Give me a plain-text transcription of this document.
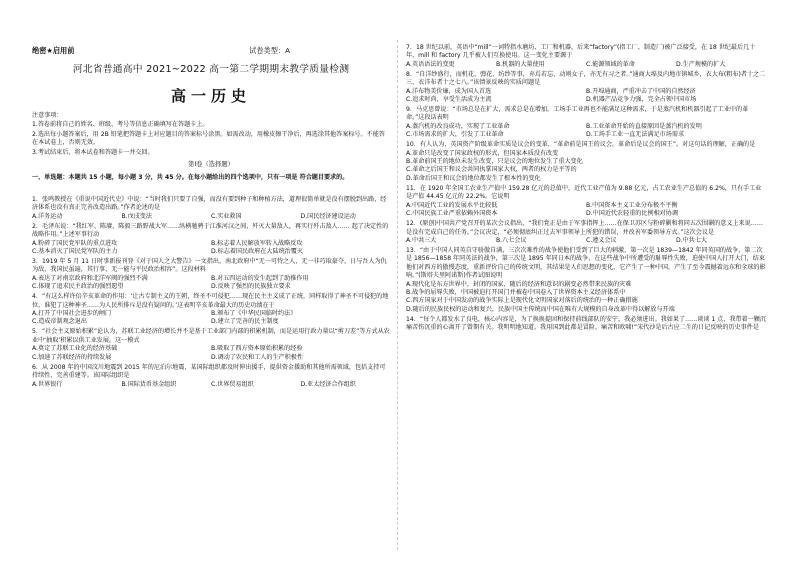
绝密★启用前	试卷类型：A
河北省普通高中 2021~2022 高一第二学期期末教学质量检测
高一历史
注意事项：
1.答卷前将自己的姓名、班级、考号等信息正确填写在答题卡上。
2.选出每小题答案后，用 2B 铅笔把答题卡上对应题目的答案标号涂黑。如需改动，用橡皮擦干净后，再选涂其他答案标号。不能答在本试卷上，否则无效。
3.考试结束后，将本试卷和答题卡一并交回。
第Ⅰ卷（选择题）
一、单选题：本题共 15 小题，每小题 3 分，共 45 分。在每小题给出的四个选项中，只有一项是 符合题目要求的。
1．张鸣教授在《重说中国近代史》中说：“当时我们只要了自强，而没有要到种子和种植方法，道理很简单就是没有摆脱到出路，经济体系也没有真正完善改造出路。”作者论述的是
A.洋务运动	B.戊戌变法	C.实业救国	D.国民经济建设运动
2．毛泽东说：“我红军、陈赓、陈毅三路野战大军……纵横驰骋于江淮河汉之间，歼灭大量敌人，再实行歼击敌人…… 起了决定性的战略作用。”上述军事行动
A.粉碎了国民党军队的重点进攻	B.标志着人民解放军转入战略反攻
C.基本消灭了国民党军队的主力	D.标志着国民政府在大陆统治覆灭
3．1919 年 5 月 11 日时事新报刊登《对于国人之大警告》一文指出，南北政府中“无一可恃之人，无一非巧取豪夺，日与吾人为仇为敌，我国民虽遍，其行事，无一能与平民政治相容”。这段材料
A.表达了对南京政府和北洋军阀的强烈不满	B.对五四运动的发生起到了助推作用
C.体现了追求民主政治的强烈愿望	D.反映了强烈的民族独立要求
4．“有这么样许倍辛亥革命的作用：‘让古专制主义的王朝，终圣不可侵犯……现在民主主义成了正统，同样取得了神圣不可侵犯的地位，谁犯了这种神圣……为人民所排斥是没有疑问的。’这表明辛亥革命最大的历史功绩在于
A.打开了中国社会进步的闸门	B.颁布了《中华民国临时约法》
C.造成帝制观念退出	D.建立了完善的民主制度
5．“社会主义原始积累”论认为，苏联工业经济的增长并不是基于工业部门内部的积累机制，而是运用行政力量以“剪刀差”等方式从农业中‘抽取’积累以供工业发展。这一模式
A.奠定了苏联工业化的经济基础	B.吸取了西方资本原始积累的经验
C.加速了苏联经济的持续发展	D.调动了农民和工人的生产积极性
6．从 2008 年的中国汶川地震到 2015 年的尼泊尔地震，某国际组织都及时伸出援手，提供资金援助和其他所需领域，包括支持可持续性、完善重建等。该国际组织是
A.世界银行	B.国际货币基金组织	C.世界贸易组织	D.亚太经济合作组织
7．18 世纪以前，英语中“mill”一词特指水磨坊、工厂和机器，后来“factory”(指工厂、制造厂)被广泛接受，在 18 世纪最后几十年，mill 和 factory 几乎被人们互换使用。这一变化主要源于
A.英语语法的变更	B.机器的大量使用	C.能源领域的革命	D.生产规模的扩大
8．“自洋纱盛行，而机花、弹花、纺纱等事，弃焉若忘，动则女子，亦无有习之者。”通商大埠及内地市镇城乡，衣大布(粗布)者十之二三，衣洋布者十之七八。”该情景反映的实质问题是
A.洋布物美价廉，成为国人首选	B.开埠通商，严重冲击了中国的自然经济
C.追求时尚，享受生活成为主流	D.机器产品竞争力强，完全占领中国市场
9．马克思曾说：“市场总是在扩大，需求总是在增加。工场手工业再也不能满足这种需求，于是蒸汽机和机器引起了工业中的革命。”这段话表明
A.蒸汽机的改良成功，实现了工业革命	B.工业革命开始的直接原因是蒸汽机的发明
C.市场需求的扩大，引发了工业革命	D.工场手工业一直无法满足市场需求
10．有人认为，英国资产阶级革命实质是议会的变革，“革命前是国王的议会，革命后是议会的国王”。对这句话的理解，正确的是
A.革命只是改变了国家政权的形式，但国家本质没有改变
B.革命前国王的地位未发生改变，只是议会的地位发生了重大变化
C.革命之后国王和议会共同执掌国家大权，两者的权力是平等的
D.革命后国王和议会的地位都发生了根本性的变化
11．在 1920 年全国工农业生产值中 159.28 亿元的总值中，近代工业产值为 9.88 亿元，占工农业生产总值的 6.2%，只有手工业是产值 44.45 亿元的 22.2%。它说明
A.中国近代工业的发展水平比较低	B.中国资本主义工业分布极不平衡
C.中国民族工业严重依赖外国资本	D.中国近代农轻重的比例相对协调
12．(原创)中国共产党召开的某次会议指出，“我们党正是由于军事指挥上……在保卫苏区与粉碎剿和将同五次围剿的意义上来说……是没有完成自己的任务。”会议决定，“必须彻底纠正过去军事领导上所犯的错误，并改善军委领导方式。”这次会议是
A.中共三大	B.八七会议	C.遵义会议	D.中共七大
13．“由于中国人同英自守骄傲自满，三次次难性的战争使他们受到了巨大的刺激，第一次是 1839—1842 年同英国的战争，第二次是 1856—1858 年同英法的战争，第三次是 1895 年同日本的战争，在这些战争中所遭受的耻辱性失败，迫使中国人打开大门，结束他们对西方的傲慢态度，重新评价自己的传统文明，其结果是人们思想的变化，它产生了一种中国，产生了至今震撼着远东和全球的影响。”(斯塔夫里阿诺斯)作者试图说明
A.现代化是东方世界中，封闭的国家、随后的经济和意识的剧变必然带来民族的灾难
B.战争的屈辱失败，中国被迫打开国门并被卷中国卷入了世界资本主义经济体系中
C.西方国家对于中国发动的战争实际上是现代化文明国家对落后的统治的一种正确措施
D.随后的民族民权的运动和复兴，民族中国主传统而中国在唯有大规模的自身改革中得以解放与开端
14．“每个人都发水了良电，核心内容是，为了换换提固和保持前线部队的安宁，我必须进出。我如果了……谈谈 1 点，我带着一颗沉痛苦伤沉重的心离开了曾期有关。我明明地知道。我用国到此都是冒险、痛苦和欧啸!”宋代沙是后古应二生的日记反映的历史事件是
